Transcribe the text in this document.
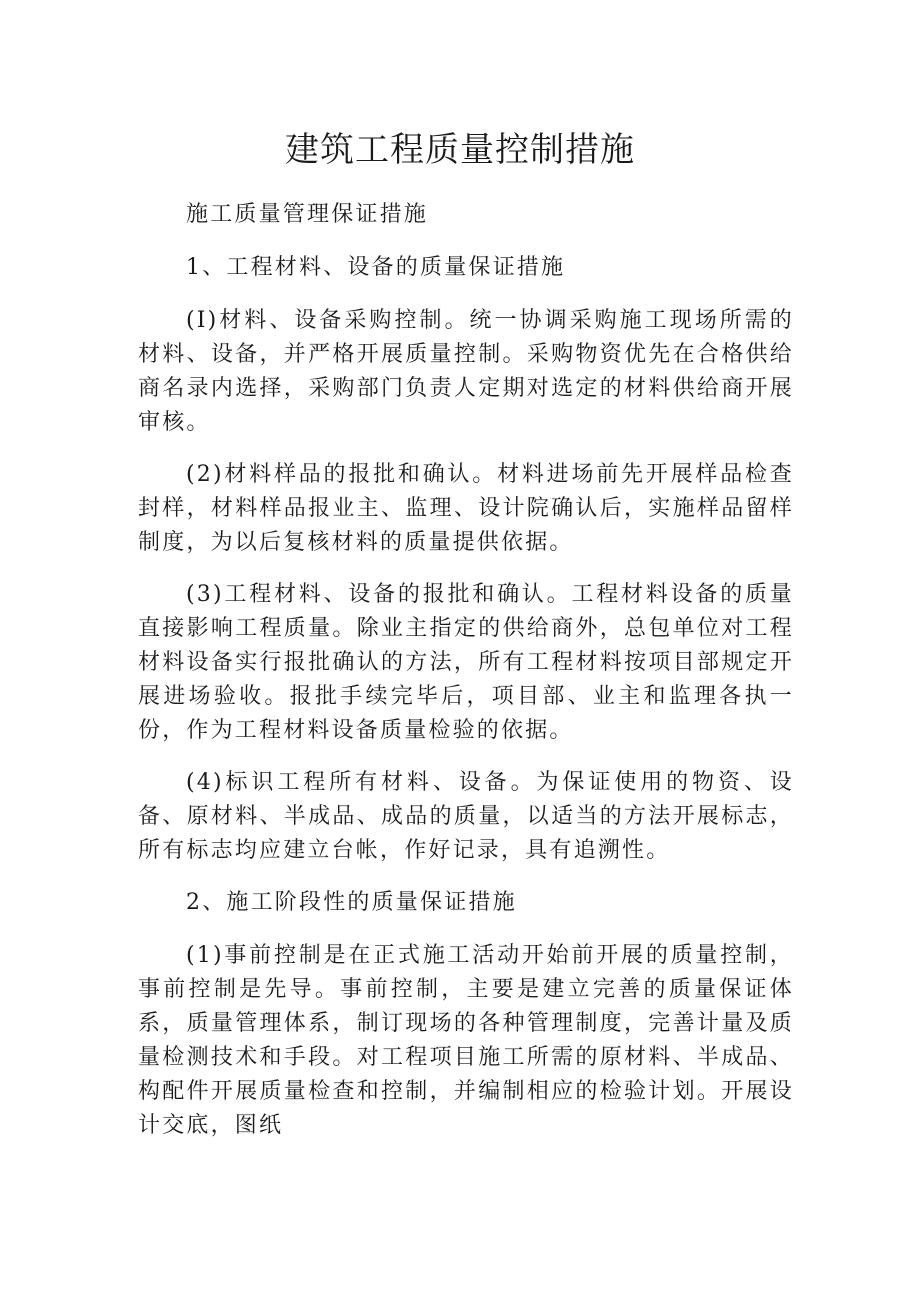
建筑工程质量控制措施

施工质量管理保证措施

1、工程材料、设备的质量保证措施

(I)材料、设备采购控制。统一协调采购施工现场所需的材料、设备，并严格开展质量控制。采购物资优先在合格供给商名录内选择，采购部门负责人定期对选定的材料供给商开展审核。

(2)材料样品的报批和确认。材料进场前先开展样品检查封样，材料样品报业主、监理、设计院确认后，实施样品留样制度，为以后复核材料的质量提供依据。

(3)工程材料、设备的报批和确认。工程材料设备的质量直接影响工程质量。除业主指定的供给商外，总包单位对工程材料设备实行报批确认的方法，所有工程材料按项目部规定开展进场验收。报批手续完毕后，项目部、业主和监理各执一份，作为工程材料设备质量检验的依据。

(4)标识工程所有材料、设备。为保证使用的物资、设备、原材料、半成品、成品的质量，以适当的方法开展标志，所有标志均应建立台帐，作好记录，具有追溯性。

2、施工阶段性的质量保证措施

(1)事前控制是在正式施工活动开始前开展的质量控制，事前控制是先导。事前控制，主要是建立完善的质量保证体系，质量管理体系，制订现场的各种管理制度，完善计量及质量检测技术和手段。对工程项目施工所需的原材料、半成品、构配件开展质量检查和控制，并编制相应的检验计划。开展设计交底，图纸
